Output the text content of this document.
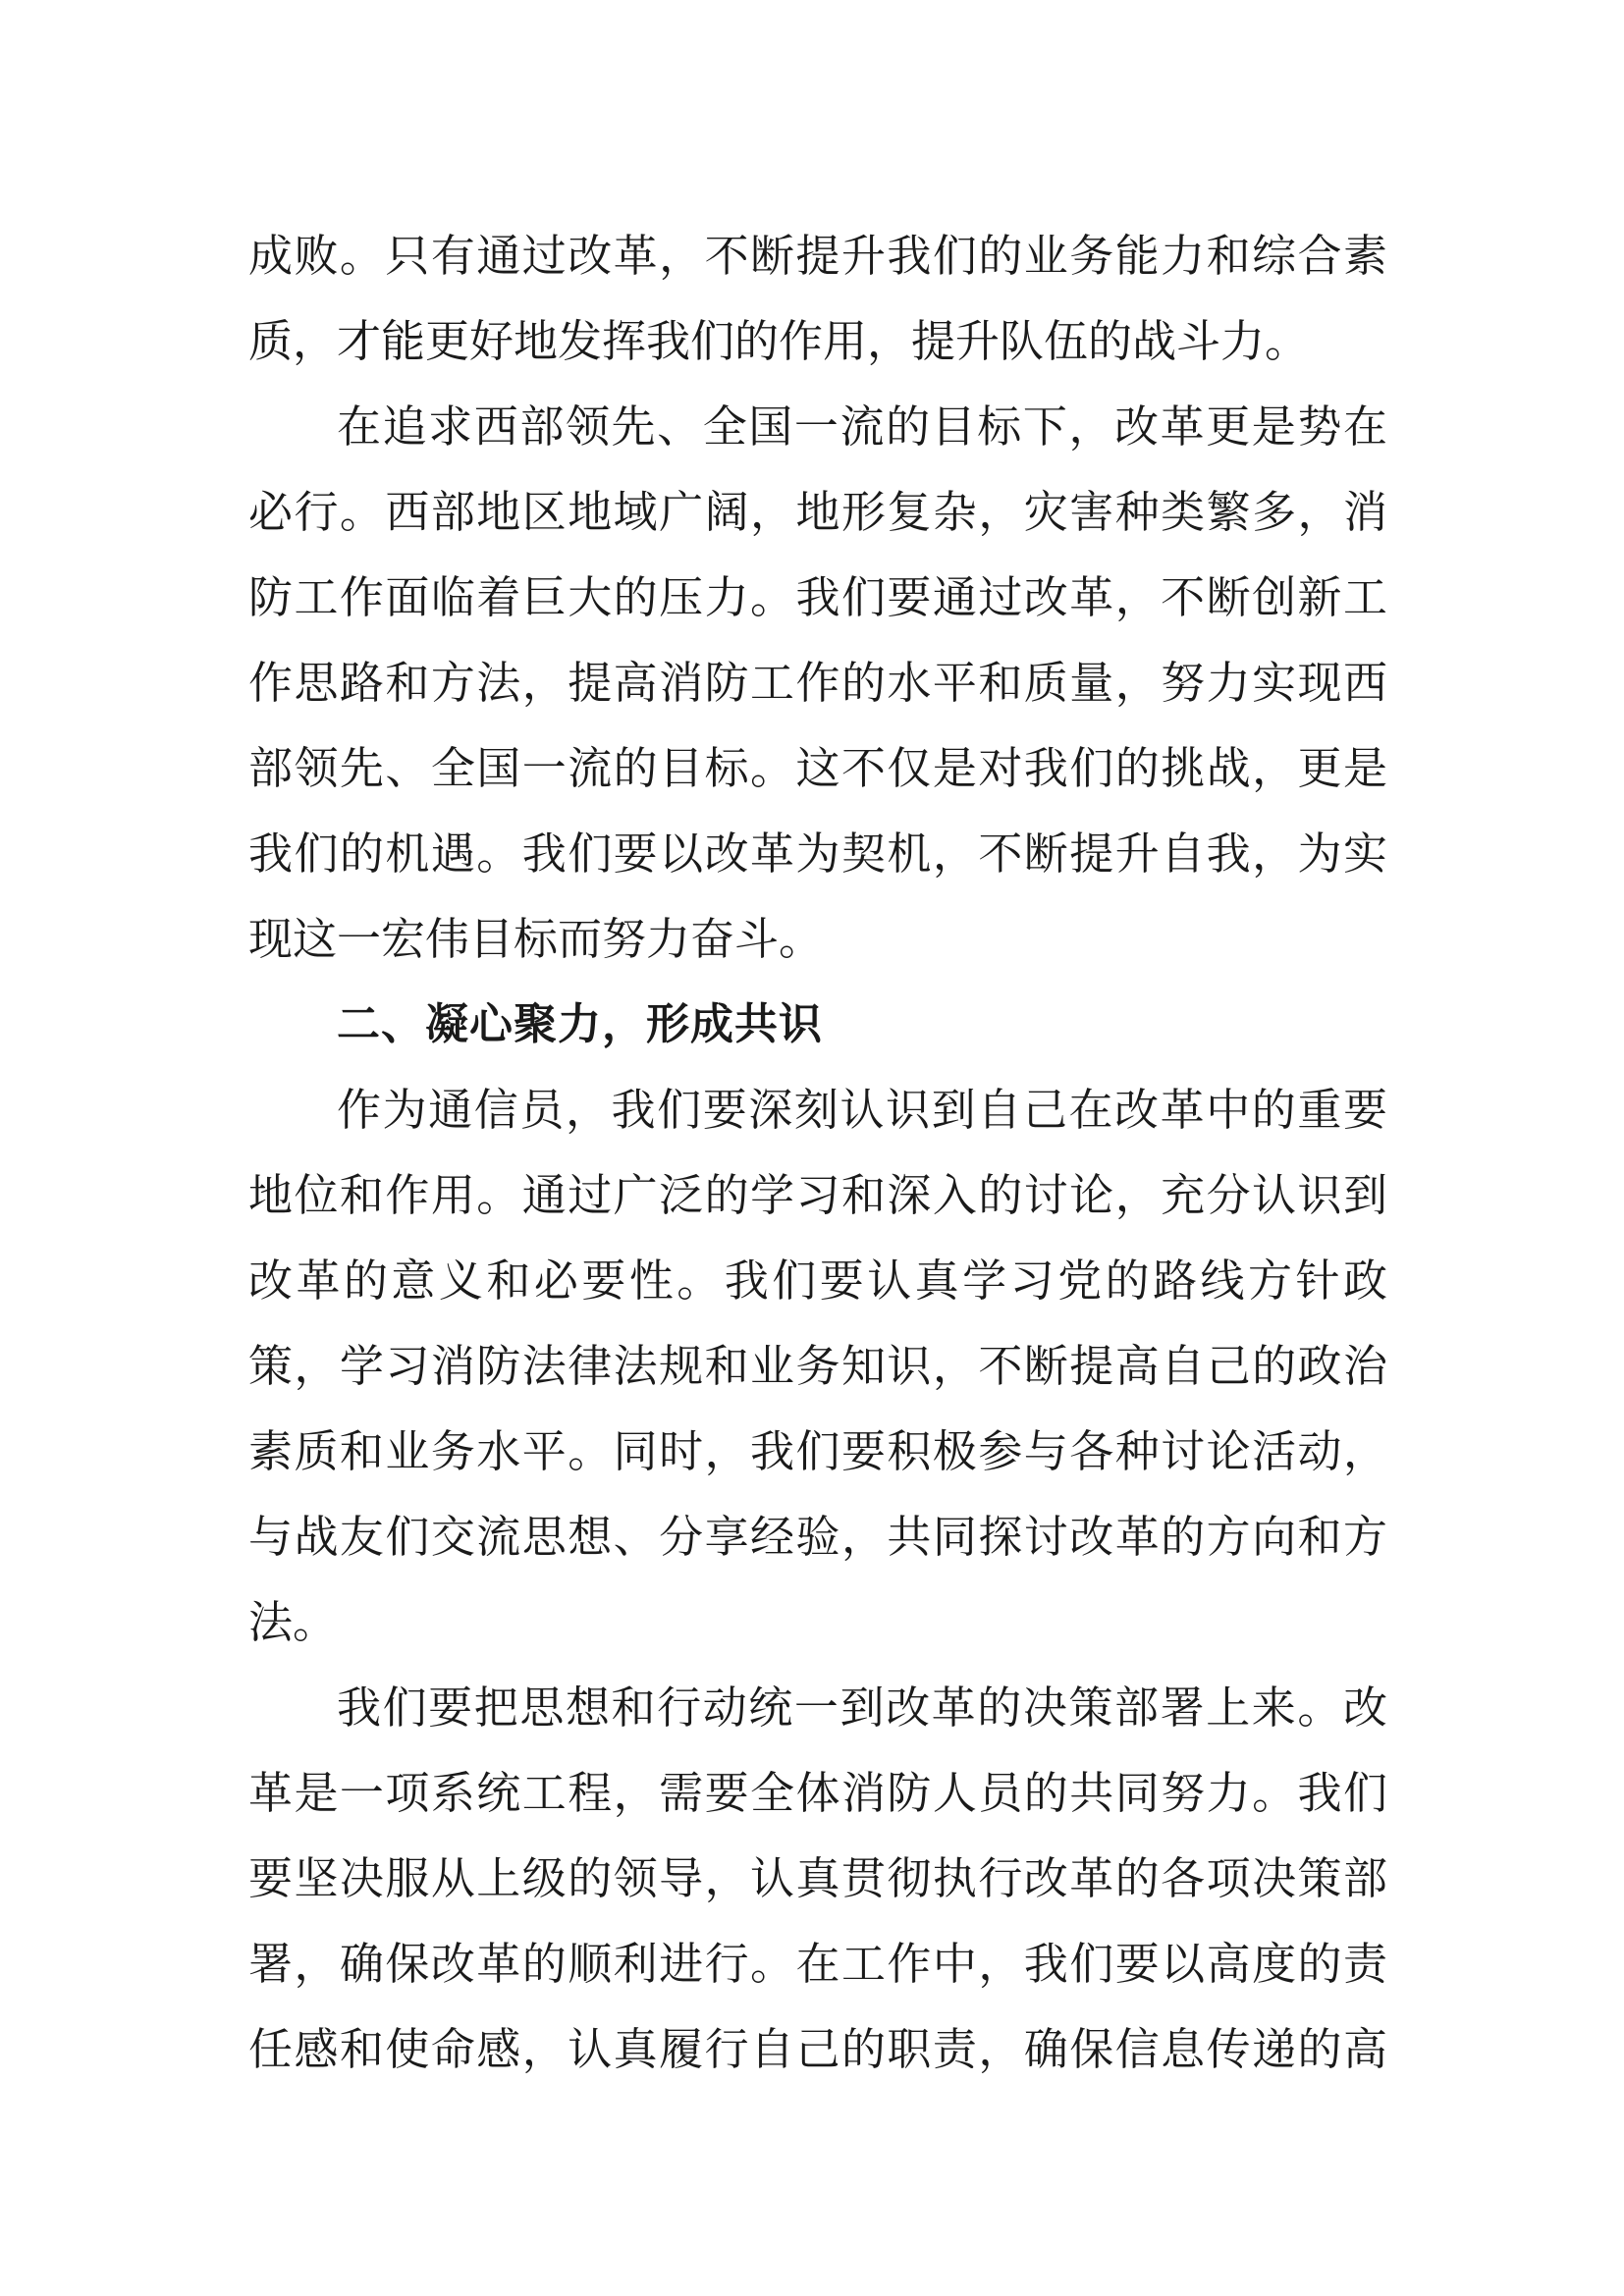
成败。只有通过改革，不断提升我们的业务能力和综合素
质，才能更好地发挥我们的作用，提升队伍的战斗力。
在追求西部领先、全国一流的目标下，改革更是势在
必行。西部地区地域广阔，地形复杂，灾害种类繁多，消
防工作面临着巨大的压力。我们要通过改革，不断创新工
作思路和方法，提高消防工作的水平和质量，努力实现西
部领先、全国一流的目标。这不仅是对我们的挑战，更是
我们的机遇。我们要以改革为契机，不断提升自我，为实
现这一宏伟目标而努力奋斗。
二、凝心聚力，形成共识
作为通信员，我们要深刻认识到自己在改革中的重要
地位和作用。通过广泛的学习和深入的讨论，充分认识到
改革的意义和必要性。我们要认真学习党的路线方针政
策，学习消防法律法规和业务知识，不断提高自己的政治
素质和业务水平。同时，我们要积极参与各种讨论活动，
与战友们交流思想、分享经验，共同探讨改革的方向和方
法。
我们要把思想和行动统一到改革的决策部署上来。改
革是一项系统工程，需要全体消防人员的共同努力。我们
要坚决服从上级的领导，认真贯彻执行改革的各项决策部
署，确保改革的顺利进行。在工作中，我们要以高度的责
任感和使命感，认真履行自己的职责，确保信息传递的高
